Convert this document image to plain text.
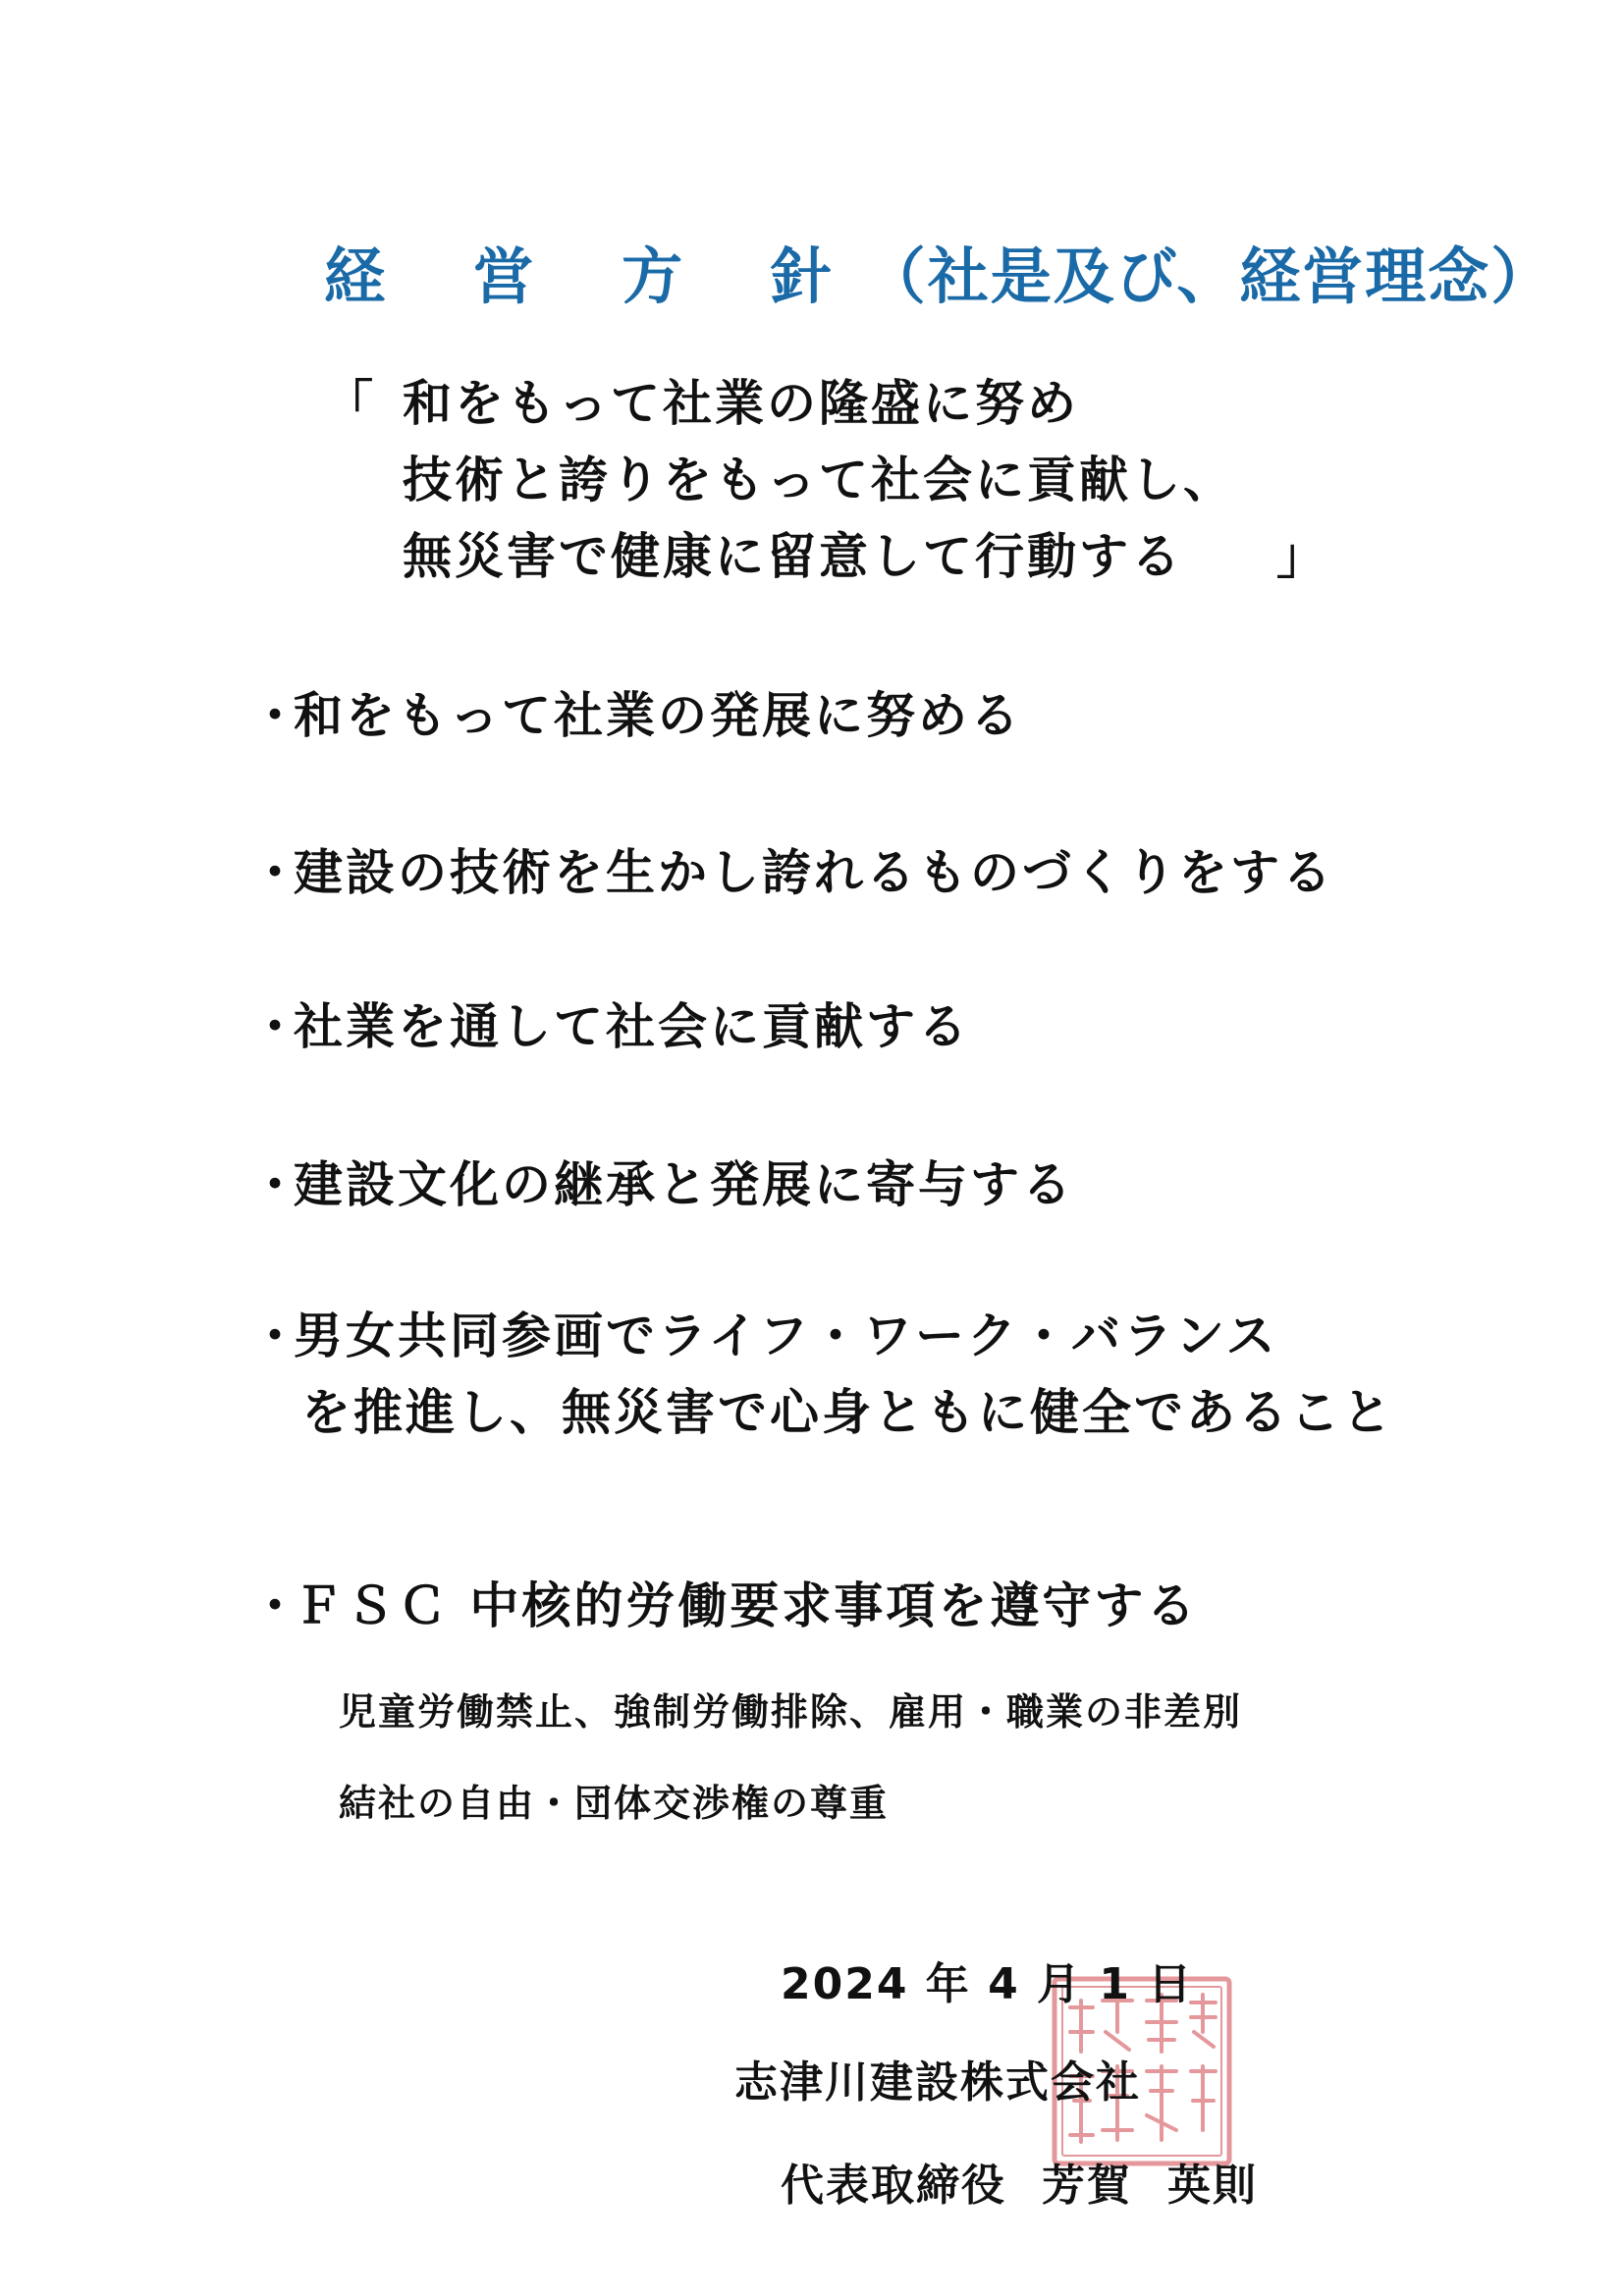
経 営 方 針（社是及び、経営理念）
「 和をもって社業の隆盛に努め
技術と誇りをもって社会に貢献し、
無災害で健康に留意して行動する	」
・和をもって社業の発展に努める
・建設の技術を生かし誇れるものづくりをする
・社業を通して社会に貢献する
・建設文化の継承と発展に寄与する
・男女共同参画でライフ・ワーク・バランス
を推進し、無災害で心身ともに健全であること
・ＦＳＣ 中核的労働要求事項を遵守する
児童労働禁止、強制労働排除、雇用・職業の非差別
結社の自由・団体交渉権の尊重
2024 年 4 月 1 日
志津川建設株式会社
代表取締役 芳賀 英則
